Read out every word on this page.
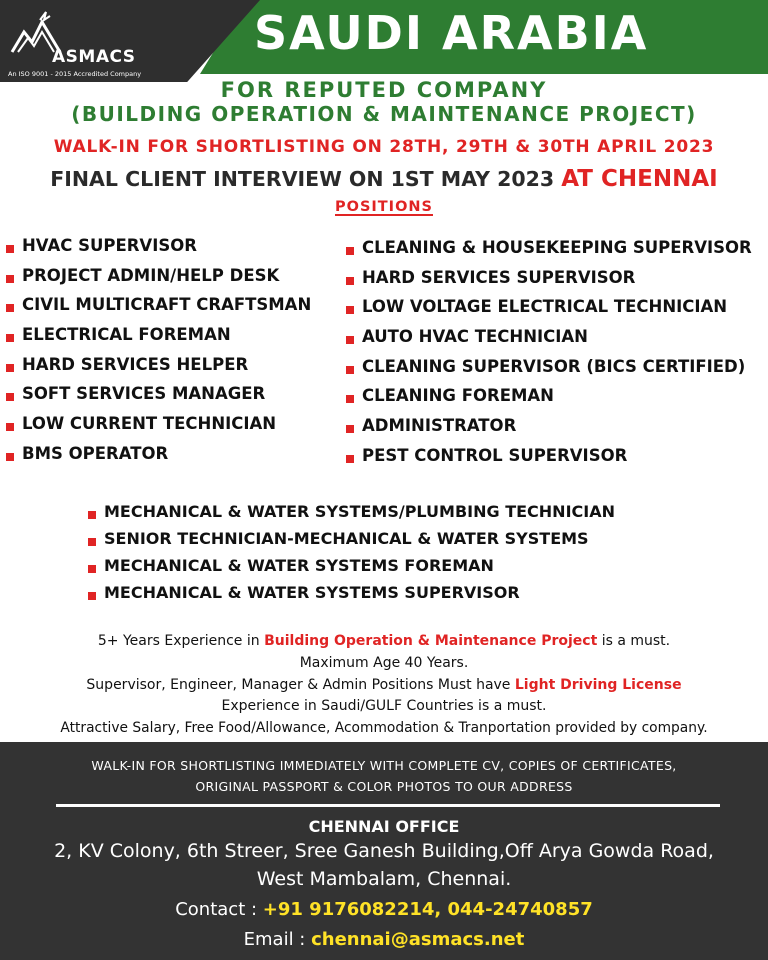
ASMACS
An ISO 9001 - 2015 Accredited Company
SAUDI ARABIA
FOR REPUTED COMPANY
(BUILDING OPERATION & MAINTENANCE PROJECT)
WALK-IN FOR SHORTLISTING ON 28TH, 29TH & 30TH APRIL 2023
FINAL CLIENT INTERVIEW ON 1ST MAY 2023 AT CHENNAI
POSITIONS
HVAC SUPERVISOR
PROJECT ADMIN/HELP DESK
CIVIL MULTICRAFT CRAFTSMAN
ELECTRICAL FOREMAN
HARD SERVICES HELPER
SOFT SERVICES MANAGER
LOW CURRENT TECHNICIAN
BMS OPERATOR
CLEANING & HOUSEKEEPING SUPERVISOR
HARD SERVICES SUPERVISOR
LOW VOLTAGE ELECTRICAL TECHNICIAN
AUTO HVAC TECHNICIAN
CLEANING SUPERVISOR (BICS CERTIFIED)
CLEANING FOREMAN
ADMINISTRATOR
PEST CONTROL SUPERVISOR
MECHANICAL & WATER SYSTEMS/PLUMBING TECHNICIAN
SENIOR TECHNICIAN-MECHANICAL & WATER SYSTEMS
MECHANICAL & WATER SYSTEMS FOREMAN
MECHANICAL & WATER SYSTEMS SUPERVISOR
5+ Years Experience in Building Operation & Maintenance Project is a must.
Maximum Age 40 Years.
Supervisor, Engineer, Manager & Admin Positions Must have Light Driving License
Experience in Saudi/GULF Countries is a must.
Attractive Salary, Free Food/Allowance, Acommodation & Tranportation provided by company.
WALK-IN FOR SHORTLISTING IMMEDIATELY WITH COMPLETE CV, COPIES OF CERTIFICATES,
ORIGINAL PASSPORT & COLOR PHOTOS TO OUR ADDRESS
CHENNAI OFFICE
2, KV Colony, 6th Streer, Sree Ganesh Building,Off Arya Gowda Road,
West Mambalam, Chennai.
Contact : +91 9176082214, 044-24740857
Email : chennai@asmacs.net
